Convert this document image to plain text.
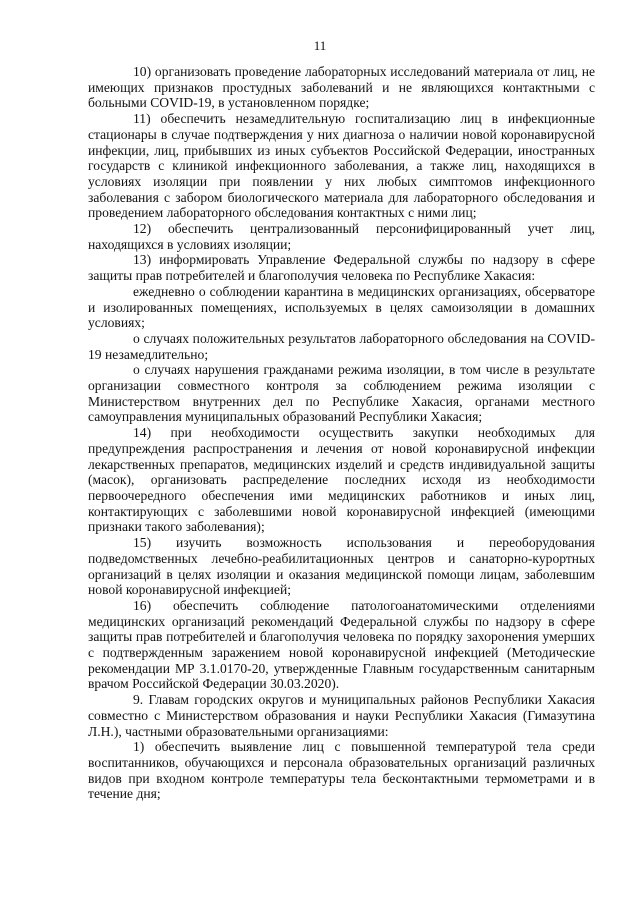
11

10) организовать проведение лабораторных исследований материала от лиц, не имеющих признаков простудных заболеваний и не являющихся контактными с больными COVID-19, в установленном порядке;

11) обеспечить незамедлительную госпитализацию лиц в инфекционные стационары в случае подтверждения у них диагноза о наличии новой коронавирусной инфекции, лиц, прибывших из иных субъектов Российской Федерации, иностранных государств с клиникой инфекционного заболевания, а также лиц, находящихся в условиях изоляции при появлении у них любых симптомов инфекционного заболевания с забором биологического материала для лабораторного обследования и проведением лабораторного обследования контактных с ними лиц;

12) обеспечить централизованный персонифицированный учет лиц, находящихся в условиях изоляции;

13) информировать Управление Федеральной службы по надзору в сфере защиты прав потребителей и благополучия человека по Республике Хакасия:

ежедневно о соблюдении карантина в медицинских организациях, обсерваторе и изолированных помещениях, используемых в целях самоизоляции в домашних условиях;

о случаях положительных результатов лабораторного обследования на COVID-19 незамедлительно;

о случаях нарушения гражданами режима изоляции, в том числе в результате организации совместного контроля за соблюдением режима изоляции с Министерством внутренних дел по Республике Хакасия, органами местного самоуправления муниципальных образований Республики Хакасия;

14) при необходимости осуществить закупки необходимых для предупреждения распространения и лечения от новой коронавирусной инфекции лекарственных препаратов, медицинских изделий и средств индивидуальной защиты (масок), организовать распределение последних исходя из необходимости первоочередного обеспечения ими медицинских работников и иных лиц, контактирующих с заболевшими новой коронавирусной инфекцией (имеющими признаки такого заболевания);

15) изучить возможность использования и переоборудования подведомственных лечебно-реабилитационных центров и санаторно-курортных организаций в целях изоляции и оказания медицинской помощи лицам, заболевшим новой коронавирусной инфекцией;

16) обеспечить соблюдение патологоанатомическими отделениями медицинских организаций рекомендаций Федеральной службы по надзору в сфере защиты прав потребителей и благополучия человека по порядку захоронения умерших с подтвержденным заражением новой коронавирусной инфекцией (Методические рекомендации МР 3.1.0170-20, утвержденные Главным государственным санитарным врачом Российской Федерации 30.03.2020).

9. Главам городских округов и муниципальных районов Республики Хакасия совместно с Министерством образования и науки Республики Хакасия (Гимазутина Л.Н.), частными образовательными организациями:

1) обеспечить выявление лиц с повышенной температурой тела среди воспитанников, обучающихся и персонала образовательных организаций различных видов при входном контроле температуры тела бесконтактными термометрами и в течение дня;
